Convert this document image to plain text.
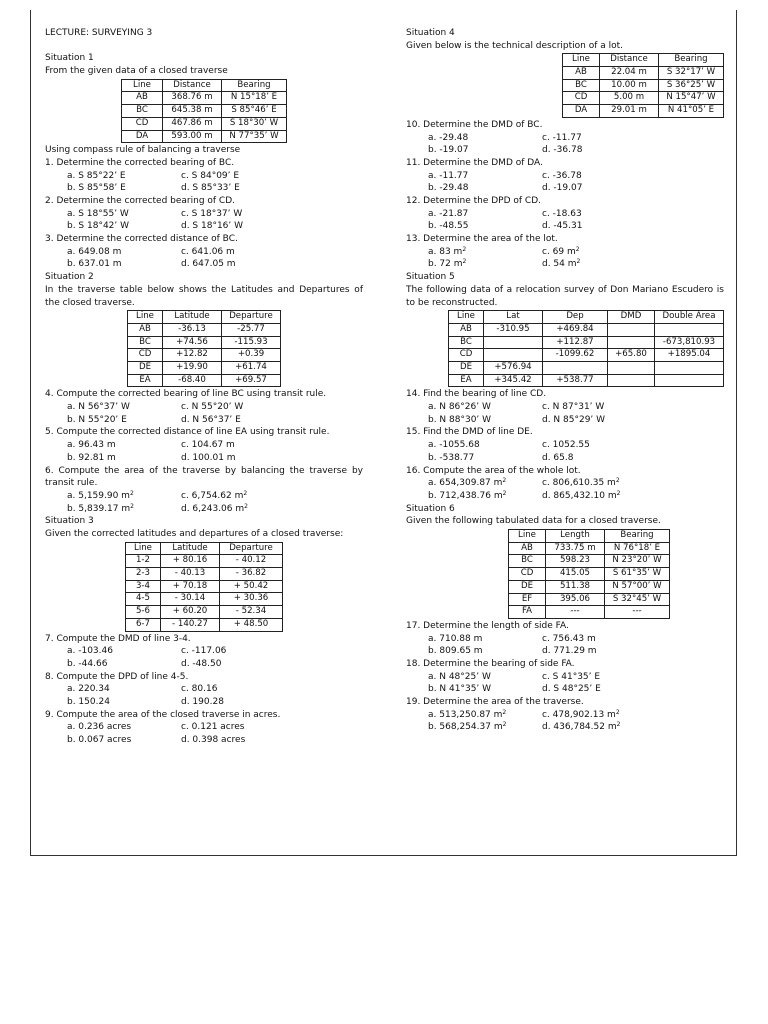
LECTURE: SURVEYING 3
Situation 1
From the given data of a closed traverse
Line	Distance	Bearing
AB	368.76 m	N 15°18’ E
BC	645.38 m	S 85°46’ E
CD	467.86 m	S 18°30’ W
DA	593.00 m	N 77°35’ W
Using compass rule of balancing a traverse
1. Determine the corrected bearing of BC.
a. S 85°22’ E	c. S 84°09’ E
b. S 85°58’ E	d. S 85°33’ E
2. Determine the corrected bearing of CD.
a. S 18°55’ W	c. S 18°37’ W
b. S 18°42’ W	d. S 18°16’ W
3. Determine the corrected distance of BC.
a. 649.08 m	c. 641.06 m
b. 637.01 m	d. 647.05 m
Situation 2
In the traverse table below shows the Latitudes and Departures of
the closed traverse.
Line	Latitude	Departure
AB	-36.13	-25.77
BC	+74.56	-115.93
CD	+12.82	+0.39
DE	+19.90	+61.74
EA	-68.40	+69.57
4. Compute the corrected bearing of line BC using transit rule.
a. N 56°37’ W	c. N 55°20’ W
b. N 55°20’ E	d. N 56°37’ E
5. Compute the corrected distance of line EA using transit rule.
a. 96.43 m	c. 104.67 m
b. 92.81 m	d. 100.01 m
6. Compute the area of the traverse by balancing the traverse by
transit rule.
a. 5,159.90 $m^2$	c. 6,754.62 $m^2$
b. 5,839.17 $m^2$	d. 6,243.06 $m^2$
Situation 3
Given the corrected latitudes and departures of a closed traverse:
Line	Latitude	Departure
1-2	+ 80.16	- 40.12
2-3	- 40.13	- 36.82
3-4	+ 70.18	+ 50.42
4-5	- 30.14	+ 30.36
5-6	+ 60.20	- 52.34
6-7	- 140.27	+ 48.50
7. Compute the DMD of line 3-4.
a. -103.46	c. -117.06
b. -44.66	d. -48.50
8. Compute the DPD of line 4-5.
a. 220.34	c. 80.16
b. 150.24	d. 190.28
9. Compute the area of the closed traverse in acres.
a. 0.236 acres	c. 0.121 acres
b. 0.067 acres	d. 0.398 acres
Situation 4
Given below is the technical description of a lot.
Line	Distance	Bearing
AB	22.04 m	S 32°17’ W
BC	10.00 m	S 36°25’ W
CD	5.00 m	N 15°47’ W
DA	29.01 m	N 41°05’ E
10. Determine the DMD of BC.
a. -29.48	c. -11.77
b. -19.07	d. -36.78
11. Determine the DMD of DA.
a. -11.77	c. -36.78
b. -29.48	d. -19.07
12. Determine the DPD of CD.
a. -21.87	c. -18.63
b. -48.55	d. -45.31
13. Determine the area of the lot.
a. 83 $m^2$	c. 69 $m^2$
b. 72 $m^2$	d. 54 $m^2$
Situation 5
The following data of a relocation survey of Don Mariano Escudero is
to be reconstructed.
Line	Lat	Dep	DMD	Double Area
AB	-310.95	+469.84		
BC		+112.87		-673,810.93
CD		-1099.62	+65.80	+1895.04
DE	+576.94			
EA	+345.42	+538.77		
14. Find the bearing of line CD.
a. N 86°26’ W	c. N 87°31’ W
b. N 88°30’ W	d. N 85°29’ W
15. Find the DMD of line DE.
a. -1055.68	c. 1052.55
b. -538.77	d. 65.8
16. Compute the area of the whole lot.
a. 654,309.87 $m^2$	c. 806,610.35 $m^2$
b. 712,438.76 $m^2$	d. 865,432.10 $m^2$
Situation 6
Given the following tabulated data for a closed traverse.
Line	Length	Bearing
AB	733.75 m	N 76°18’ E
BC	598.23	N 23°20’ W
CD	415.05	S 61°35’ W
DE	511.38	N 57°00’ W
EF	395.06	S 32°45’ W
FA	---	---
17. Determine the length of side FA.
a. 710.88 m	c. 756.43 m
b. 809.65 m	d. 771.29 m
18. Determine the bearing of side FA.
a. N 48°25’ W	c. S 41°35’ E
b. N 41°35’ W	d. S 48°25’ E
19. Determine the area of the traverse.
a. 513,250.87 $m^2$	c. 478,902.13 $m^2$
b. 568,254.37 $m^2$	d. 436,784.52 $m^2$
